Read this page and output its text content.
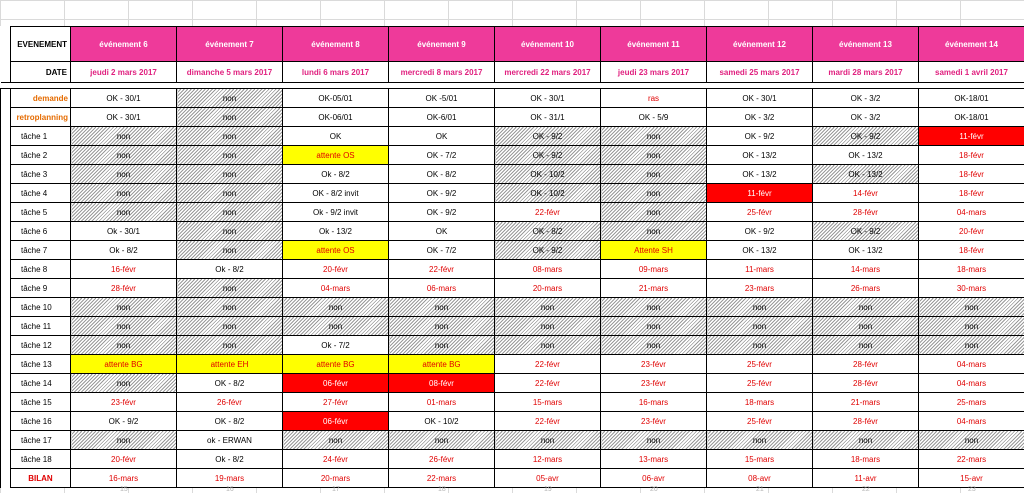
	EVENEMENT	événement 6	événement 7	événement 8	événement 9	événement 10	événement 11	événement 12	événement 13	événement 14
	DATE	jeudi 2 mars 2017	dimanche 5 mars 2017	lundi 6 mars 2017	mercredi 8 mars 2017	mercredi 22 mars 2017	jeudi 23 mars 2017	samedi 25 mars 2017	mardi 28 mars 2017	samedi 1 avril 2017

	demande	OK - 30/1	non	OK-05/01	OK -5/01	OK - 30/1	ras	OK - 30/1	OK - 3/2	OK-18/01
	retroplanning	OK - 30/1	non	OK-06/01	OK-6/01	OK - 31/1	OK - 5/9	OK - 3/2	OK - 3/2	OK-18/01
	tâche 1	non	non	OK	OK	OK - 9/2	non	OK - 9/2	OK - 9/2	11-févr
	tâche 2	non	non	attente OS	OK - 7/2	OK - 9/2	non	OK - 13/2	OK - 13/2	18-févr
	tâche 3	non	non	Ok - 8/2	OK - 8/2	OK - 10/2	non	OK - 13/2	OK - 13/2	18-févr
	tâche 4	non	non	OK - 8/2 invit	OK - 9/2	OK - 10/2	non	11-févr	14-févr	18-févr
	tâche 5	non	non	Ok - 9/2 invit	OK - 9/2	22-févr	non	25-févr	28-févr	04-mars
	tâche 6	Ok - 30/1	non	Ok - 13/2	OK	OK - 8/2	non	OK - 9/2	OK - 9/2	20-févr
	tâche 7	Ok - 8/2	non	attente OS	OK - 7/2	OK - 9/2	Attente SH	OK - 13/2	OK - 13/2	18-févr
	tâche 8	16-févr	Ok - 8/2	20-févr	22-févr	08-mars	09-mars	11-mars	14-mars	18-mars
	tâche 9	28-févr	non	04-mars	06-mars	20-mars	21-mars	23-mars	26-mars	30-mars
	tâche 10	non	non	non	non	non	non	non	non	non
	tâche 11	non	non	non	non	non	non	non	non	non
	tâche 12	non	non	Ok - 7/2	non	non	non	non	non	non
	tâche 13	attente BG	attente EH	attente BG	attente BG	22-févr	23-févr	25-févr	28-févr	04-mars
	tâche 14	non	OK - 8/2	06-févr	08-févr	22-févr	23-févr	25-févr	28-févr	04-mars
	tâche 15	23-févr	26-févr	27-févr	01-mars	15-mars	16-mars	18-mars	21-mars	25-mars
	tâche 16	OK - 9/2	OK - 8/2	06-févr	OK - 10/2	22-févr	23-févr	25-févr	28-févr	04-mars
	tâche 17	non	ok - ERWAN	non	non	non	non	non	non	non
	tâche 18	20-févr	Ok - 8/2	24-févr	26-févr	12-mars	13-mars	15-mars	18-mars	22-mars
	BILAN	16-mars	19-mars	20-mars	22-mars	05-avr	06-avr	08-avr	11-avr	15-avr
15	16	17	18	19	20	21	22	23
